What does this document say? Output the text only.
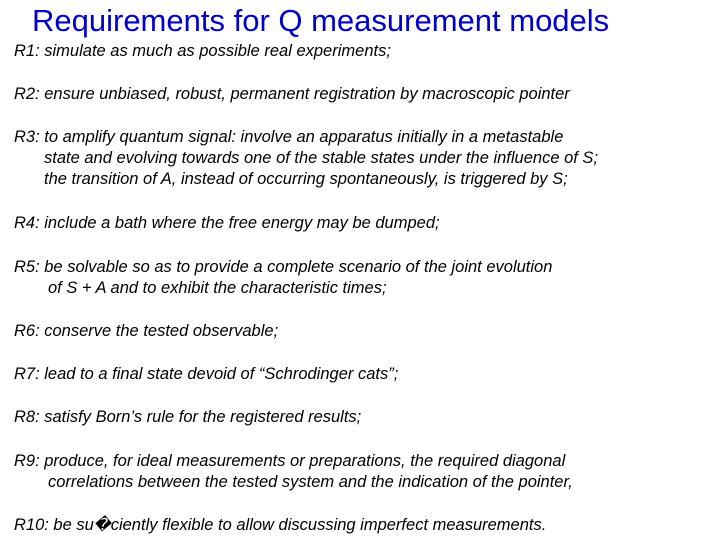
Requirements for Q measurement models
R1: simulate as much as possible real experiments;
R2: ensure unbiased, robust, permanent registration by macroscopic pointer
R3: to amplify quantum signal: involve an apparatus initially in a metastable
state and evolving towards one of the stable states under the influence of S;
the transition of A, instead of occurring spontaneously, is triggered by S;
R4: include a bath where the free energy may be dumped;
R5: be solvable so as to provide a complete scenario of the joint evolution
of S + A and to exhibit the characteristic times;
R6: conserve the tested observable;
R7: lead to a final state devoid of “Schrodinger cats”;
R8: satisfy Born’s rule for the registered results;
R9: produce, for ideal measurements or preparations, the required diagonal
correlations between the tested system and the indication of the pointer,
R10: be su�ciently flexible to allow discussing imperfect measurements.
